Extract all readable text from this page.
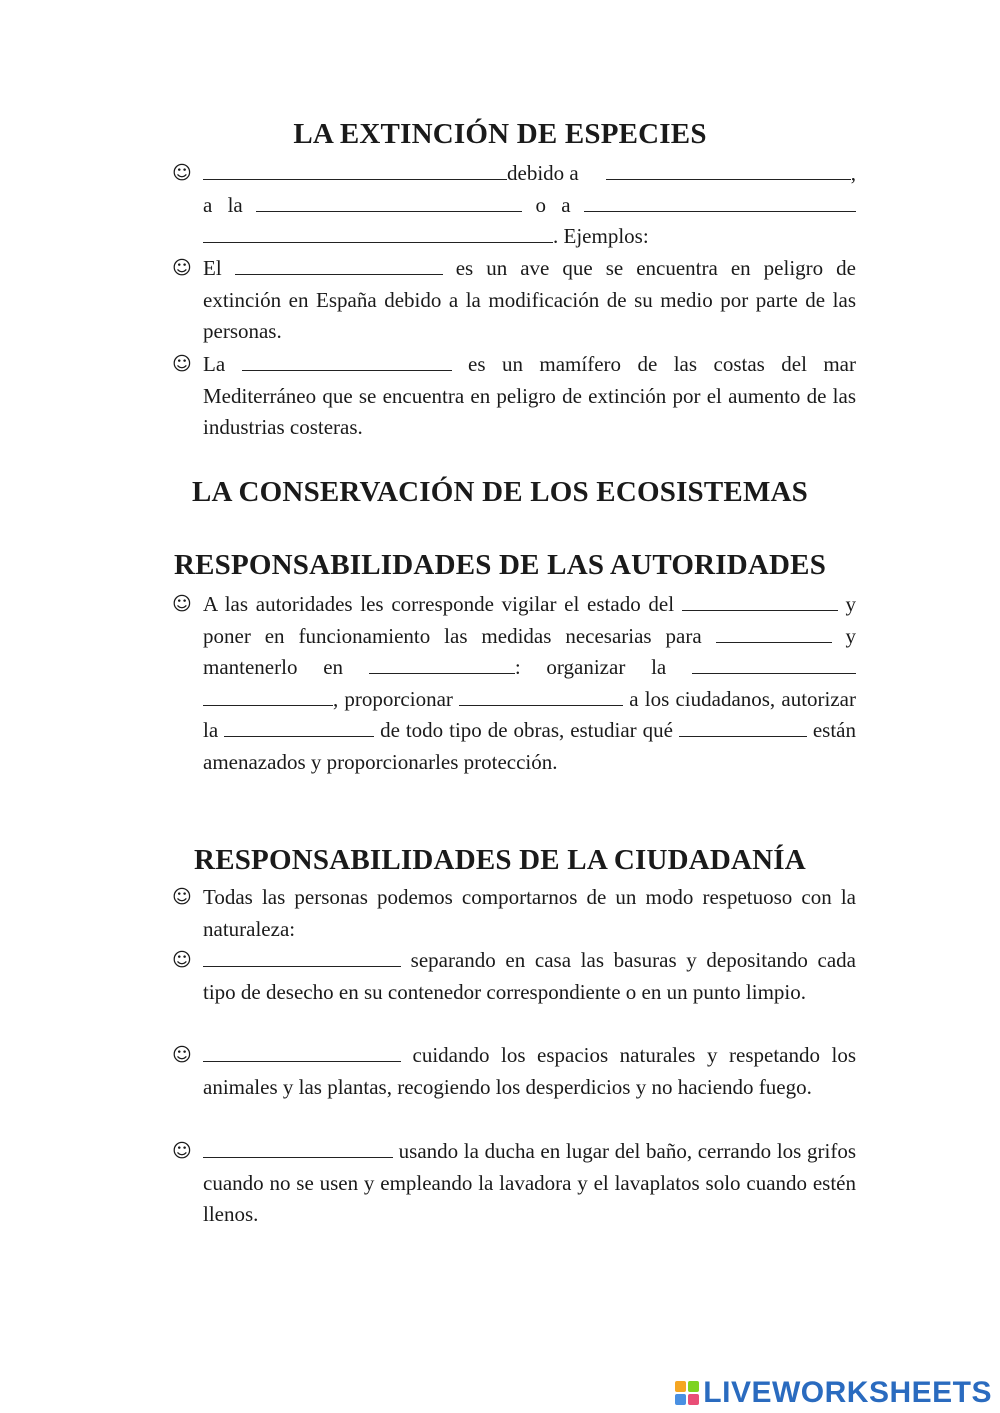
LA EXTINCIÓN DE ESPECIES
☺	debido a	,
a la	o a
. Ejemplos:
☺ El	es un ave que se encuentra en peligro de extinción en España debido a la modificación de su medio por parte de las personas.
☺ La	es un mamífero de las costas del mar Mediterráneo que se encuentra en peligro de extinción por el aumento de las industrias costeras.
LA CONSERVACIÓN DE LOS ECOSISTEMAS
RESPONSABILIDADES DE LAS AUTORIDADES
☺ A las autoridades les corresponde vigilar el estado del	y poner en funcionamiento las medidas necesarias para	y mantenerlo en	: organizar la  , proporcionar	a los ciudadanos, autorizar la	de todo tipo de obras, estudiar qué	están amenazados y proporcionarles protección.
RESPONSABILIDADES DE LA CIUDADANÍA
☺ Todas las personas podemos comportarnos de un modo respetuoso con la naturaleza:
☺	separando en casa las basuras y depositando cada tipo de desecho en su contenedor correspondiente o en un punto limpio.
☺	cuidando los espacios naturales y respetando los animales y las plantas, recogiendo los desperdicios y no haciendo fuego.
☺	usando la ducha en lugar del baño, cerrando los grifos cuando no se usen y empleando la lavadora y el lavaplatos solo cuando estén llenos.
LIVEWORKSHEETS
